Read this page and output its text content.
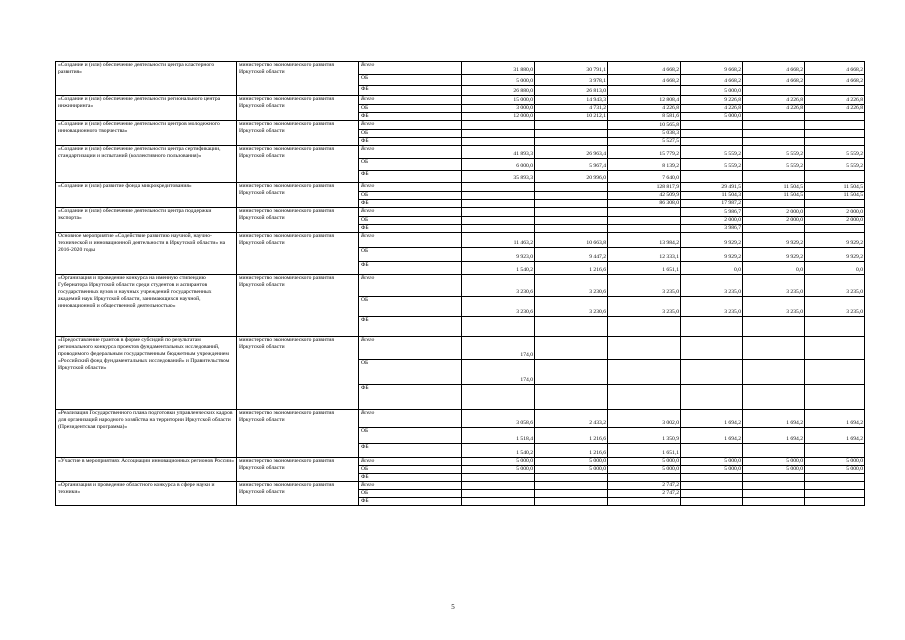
«Создание и (или) обеспечение деятельности центра кластерного развития»	министерство экономического развития Иркутской области	Всего	31 880,0	30 791,1	4 668,2	9 668,2	4 668,2	4 668,2
		ОБ	5 000,0	3 978,1	4 668,2	4 668,2	4 668,2	4 668,2
		ФБ	26 880,0	26 813,0		5 000,0		
«Создание и (или) обеспечение деятельности регионального центра инжиниринга»	министерство экономического развития Иркутской области	Всего	15 000,0	14 943,3	12 808,4	9 226,8	4 226,8	4 226,8
		ОБ	3 000,0	4 731,2	4 226,8	4 226,8	4 226,8	4 226,8
		ФБ	12 000,0	10 212,1	8 581,6	5 000,0		
«Создание и (или) обеспечение деятельности центров молодежного инновационного творчества»	министерство экономического развития Иркутской области	Всего			10 565,8			
		ОБ			5 038,3			
		ФБ			5 527,5			
«Создание и (или) обеспечение деятельности центра сертификации, стандартизации и испытаний (коллективного пользования)»	министерство экономического развития Иркутской области	Всего	41 893,3	26 963,4	15 779,2	5 559,2	5 559,2	5 559,2
		ОБ	6 000,0	5 967,4	8 139,2	5 559,2	5 559,2	5 559,2
		ФБ	35 893,3	20 996,0	7 640,0			
«Создание и (или) развитие фонда микрокредитования»	министерство экономического развития Иркутской области	Всего			128 817,9	29 491,5	11 504,5	11 504,5
		ОБ			42 509,9	11 504,3	11 504,5	11 504,5
		ФБ			86 308,0	17 987,2		
«Создание и (или) обеспечение деятельности центра поддержки экспорта»	министерство экономического развития Иркутской области	Всего				5 986,7	2 000,0	2 000,0
		ОБ				2 000,0	2 000,0	2 000,0
		ФБ				3 986,7		
Основное мероприятие «Содействие развитию научной, научно-технической и инновационной деятельности в Иркутской области» на 2016-2020 годы	министерство экономического развития Иркутской области	Всего	11 463,2	10 663,8	13 984,2	9 929,2	9 929,2	9 929,2
		ОБ	9 923,0	9 447,2	12 333,1	9 929,2	9 929,2	9 929,2
		ФБ	1 540,2	1 216,6	1 651,1	0,0	0,0	0,0
«Организация и проведение конкурса на именную стипендию Губернатора Иркутской области среди студентов и аспирантов государственных вузов и научных учреждений государственных академий наук Иркутской области, занимающихся научной, инновационной и общественной деятельностью»	министерство экономического развития Иркутской области	Всего	3 230,6	3 230,6	3 235,0	3 235,0	3 235,0	3 235,0
		ОБ	3 230,6	3 230,6	3 235,0	3 235,0	3 235,0	3 235,0
		ФБ						
«Предоставление грантов в форме субсидий по результатам регионального конкурса проектов фундаментальных исследований, проводимого федеральным государственным бюджетным учреждением «Российский фонд фундаментальных исследований» и Правительством Иркутской области»	министерство экономического развития Иркутской области	Всего	174,0					
		ОБ	174,0					
		ФБ						
«Реализация Государственного плана подготовки управленческих кадров для организаций народного хозяйства на территории Иркутской области (Президентская программа)»	министерство экономического развития Иркутской области	Всего	3 058,6	2 433,2	3 002,0	1 694,2	1 694,2	1 694,2
		ОБ	1 518,4	1 216,6	1 350,9	1 694,2	1 694,2	1 694,2
		ФБ	1 540,2	1 216,6	1 651,1			
«Участие в мероприятиях Ассоциации инновационных регионов России»	министерство экономического развития Иркутской области	Всего	5 000,0	5 000,0	5 000,0	5 000,0	5 000,0	5 000,0
		ОБ	5 000,0	5 000,0	5 000,0	5 000,0	5 000,0	5 000,0
		ФБ						
«Организация и проведение областного конкурса в сфере науки и техники»	министерство экономического развития Иркутской области	Всего			2 747,2			
		ОБ			2 747,2			
		ФБ						
5
